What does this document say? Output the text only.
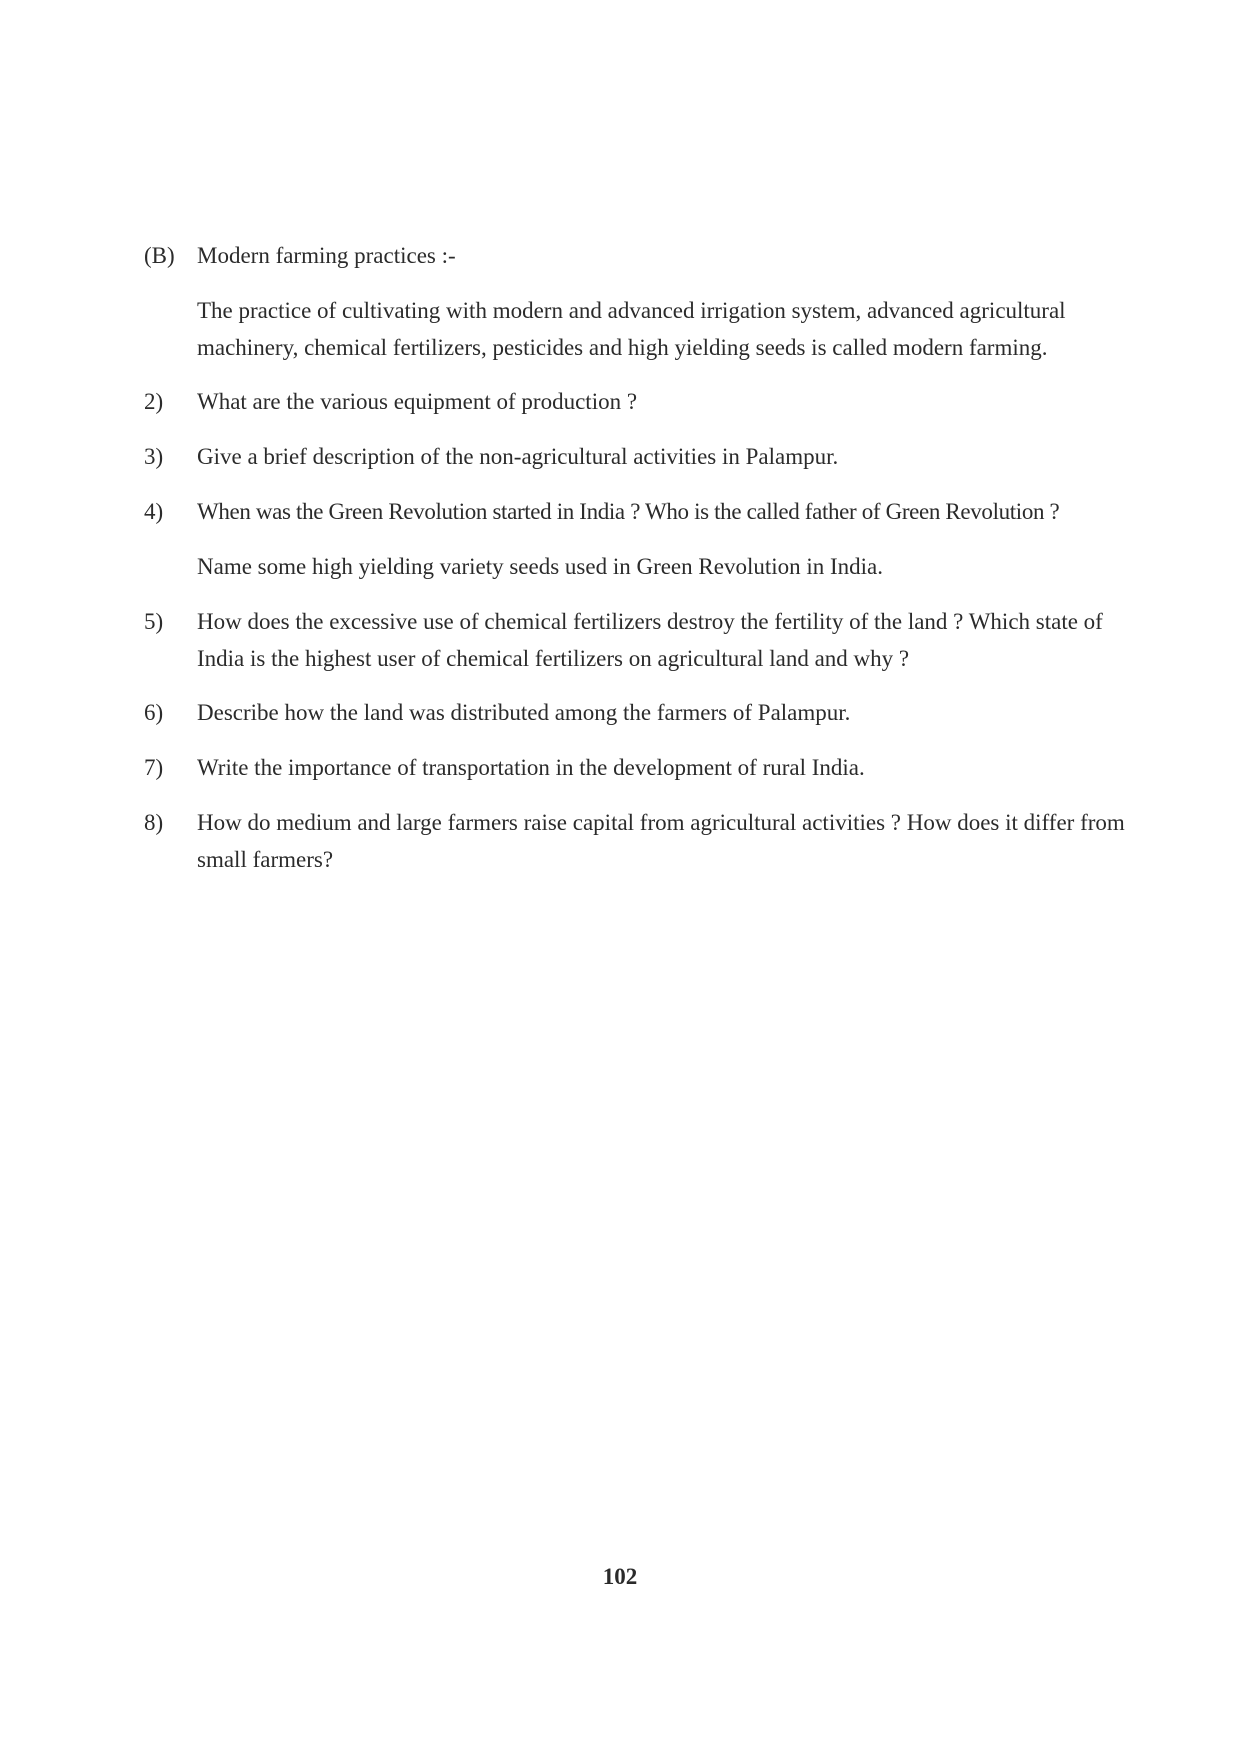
(B) Modern farming practices :-
The practice of cultivating with modern and advanced irrigation system, advanced agricultural machinery, chemical fertilizers, pesticides and high yielding seeds is called modern farming.
2)	What are the various equipment of production ?
3)	Give a brief description of the non-agricultural activities in Palampur.
4)	When was the Green Revolution started in India ? Who is the called father of Green Revolution ?
Name some high yielding variety seeds used in Green Revolution in India.
5)	How does the excessive use of chemical fertilizers destroy the fertility of the land ? Which state of India is the highest user of chemical fertilizers on agricultural land and why ?
6)	Describe how the land was distributed among the farmers of Palampur.
7)	Write the importance of transportation in the development of rural India.
8)	How do medium and large farmers raise capital from agricultural activities ? How does it differ from small farmers?
102
